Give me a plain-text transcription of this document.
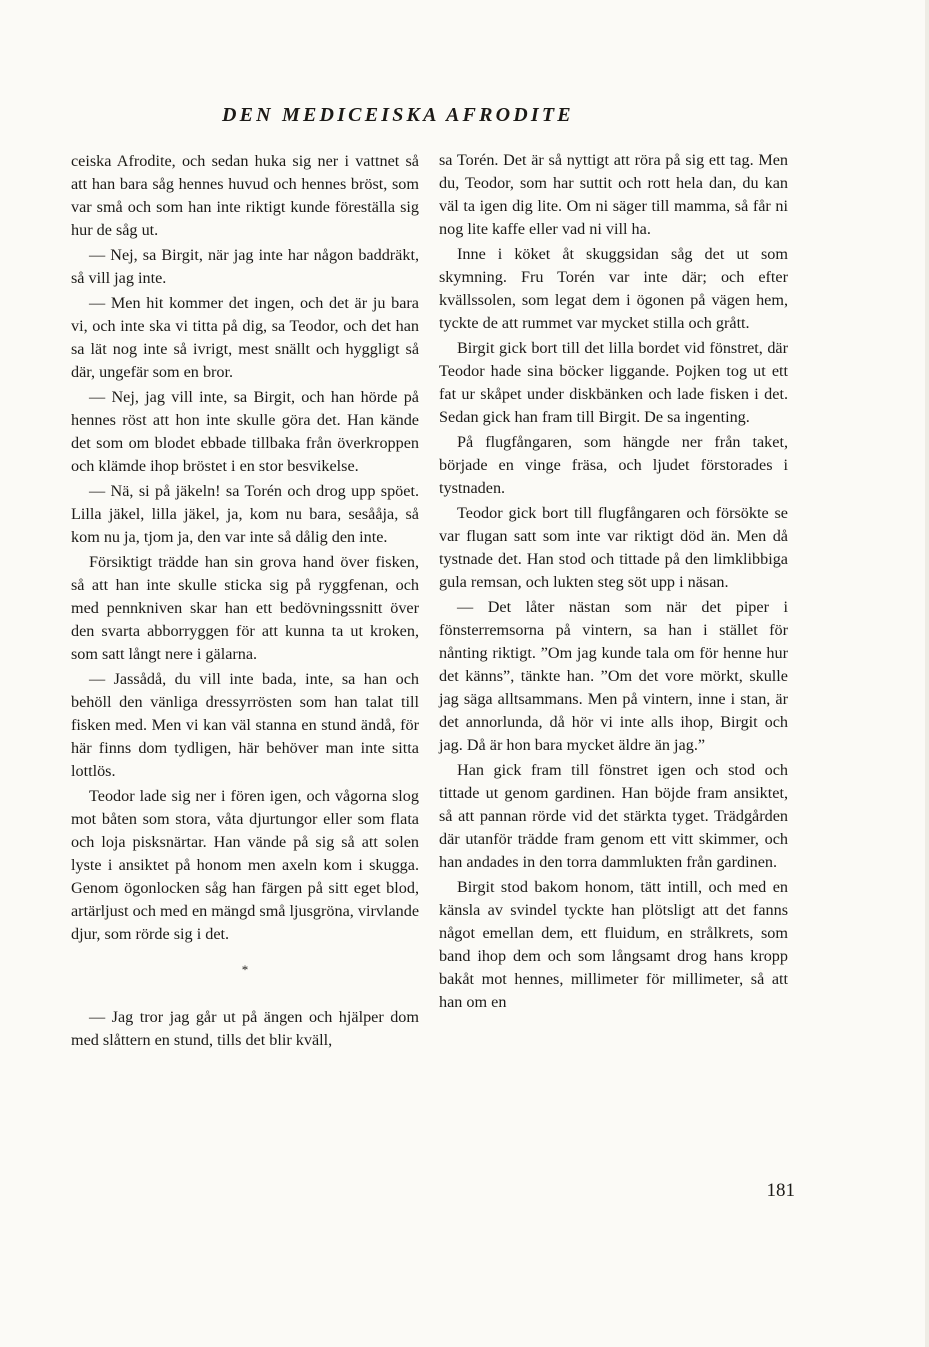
DEN MEDICEISKA AFRODITE

ceiska Afrodite, och sedan huka sig ner i vattnet så att han bara såg hennes huvud och hennes bröst, som var små och som han inte riktigt kunde föreställa sig hur de såg ut.

— Nej, sa Birgit, när jag inte har någon baddräkt, så vill jag inte.

— Men hit kommer det ingen, och det är ju bara vi, och inte ska vi titta på dig, sa Teodor, och det han sa lät nog inte så ivrigt, mest snällt och hyggligt så där, ungefär som en bror.

— Nej, jag vill inte, sa Birgit, och han hörde på hennes röst att hon inte skulle göra det. Han kände det som om blodet ebbade tillbaka från överkroppen och klämde ihop bröstet i en stor besvikelse.

— Nä, si på jäkeln! sa Torén och drog upp spöet. Lilla jäkel, lilla jäkel, ja, kom nu bara, sesååja, så kom nu ja, tjom ja, den var inte så dålig den inte.

Försiktigt trädde han sin grova hand över fisken, så att han inte skulle sticka sig på ryggfenan, och med pennkniven skar han ett bedövningssnitt över den svarta abborryggen för att kunna ta ut kroken, som satt långt nere i gälarna.

— Jassådå, du vill inte bada, inte, sa han och behöll den vänliga dressyrrösten som han talat till fisken med. Men vi kan väl stanna en stund ändå, för här finns dom tydligen, här behöver man inte sitta lottlös.

Teodor lade sig ner i fören igen, och vågorna slog mot båten som stora, våta djurtungor eller som flata och loja pisksnärtar. Han vände på sig så att solen lyste i ansiktet på honom men axeln kom i skugga. Genom ögonlocken såg han färgen på sitt eget blod, artärljust och med en mängd små ljusgröna, virvlande djur, som rörde sig i det.

*

— Jag tror jag går ut på ängen och hjälper dom med slåttern en stund, tills det blir kväll,

sa Torén. Det är så nyttigt att röra på sig ett tag. Men du, Teodor, som har suttit och rott hela dan, du kan väl ta igen dig lite. Om ni säger till mamma, så får ni nog lite kaffe eller vad ni vill ha.

Inne i köket åt skuggsidan såg det ut som skymning. Fru Torén var inte där; och efter kvällssolen, som legat dem i ögonen på vägen hem, tyckte de att rummet var mycket stilla och grått.

Birgit gick bort till det lilla bordet vid fönstret, där Teodor hade sina böcker liggande. Pojken tog ut ett fat ur skåpet under diskbänken och lade fisken i det. Sedan gick han fram till Birgit. De sa ingenting.

På flugfångaren, som hängde ner från taket, började en vinge fräsa, och ljudet förstorades i tystnaden.

Teodor gick bort till flugfångaren och försökte se var flugan satt som inte var riktigt död än. Men då tystnade det. Han stod och tittade på den limklibbiga gula remsan, och lukten steg söt upp i näsan.

— Det låter nästan som när det piper i fönsterremsorna på vintern, sa han i stället för nånting riktigt. ”Om jag kunde tala om för henne hur det känns”, tänkte han. ”Om det vore mörkt, skulle jag säga alltsammans. Men på vintern, inne i stan, är det annorlunda, då hör vi inte alls ihop, Birgit och jag. Då är hon bara mycket äldre än jag.”

Han gick fram till fönstret igen och stod och tittade ut genom gardinen. Han böjde fram ansiktet, så att pannan rörde vid det stärkta tyget. Trädgården där utanför trädde fram genom ett vitt skimmer, och han andades in den torra dammlukten från gardinen.

Birgit stod bakom honom, tätt intill, och med en känsla av svindel tyckte han plötsligt att det fanns något emellan dem, ett fluidum, en strålkrets, som band ihop dem och som långsamt drog hans kropp bakåt mot hennes, millimeter för millimeter, så att han om en

181
